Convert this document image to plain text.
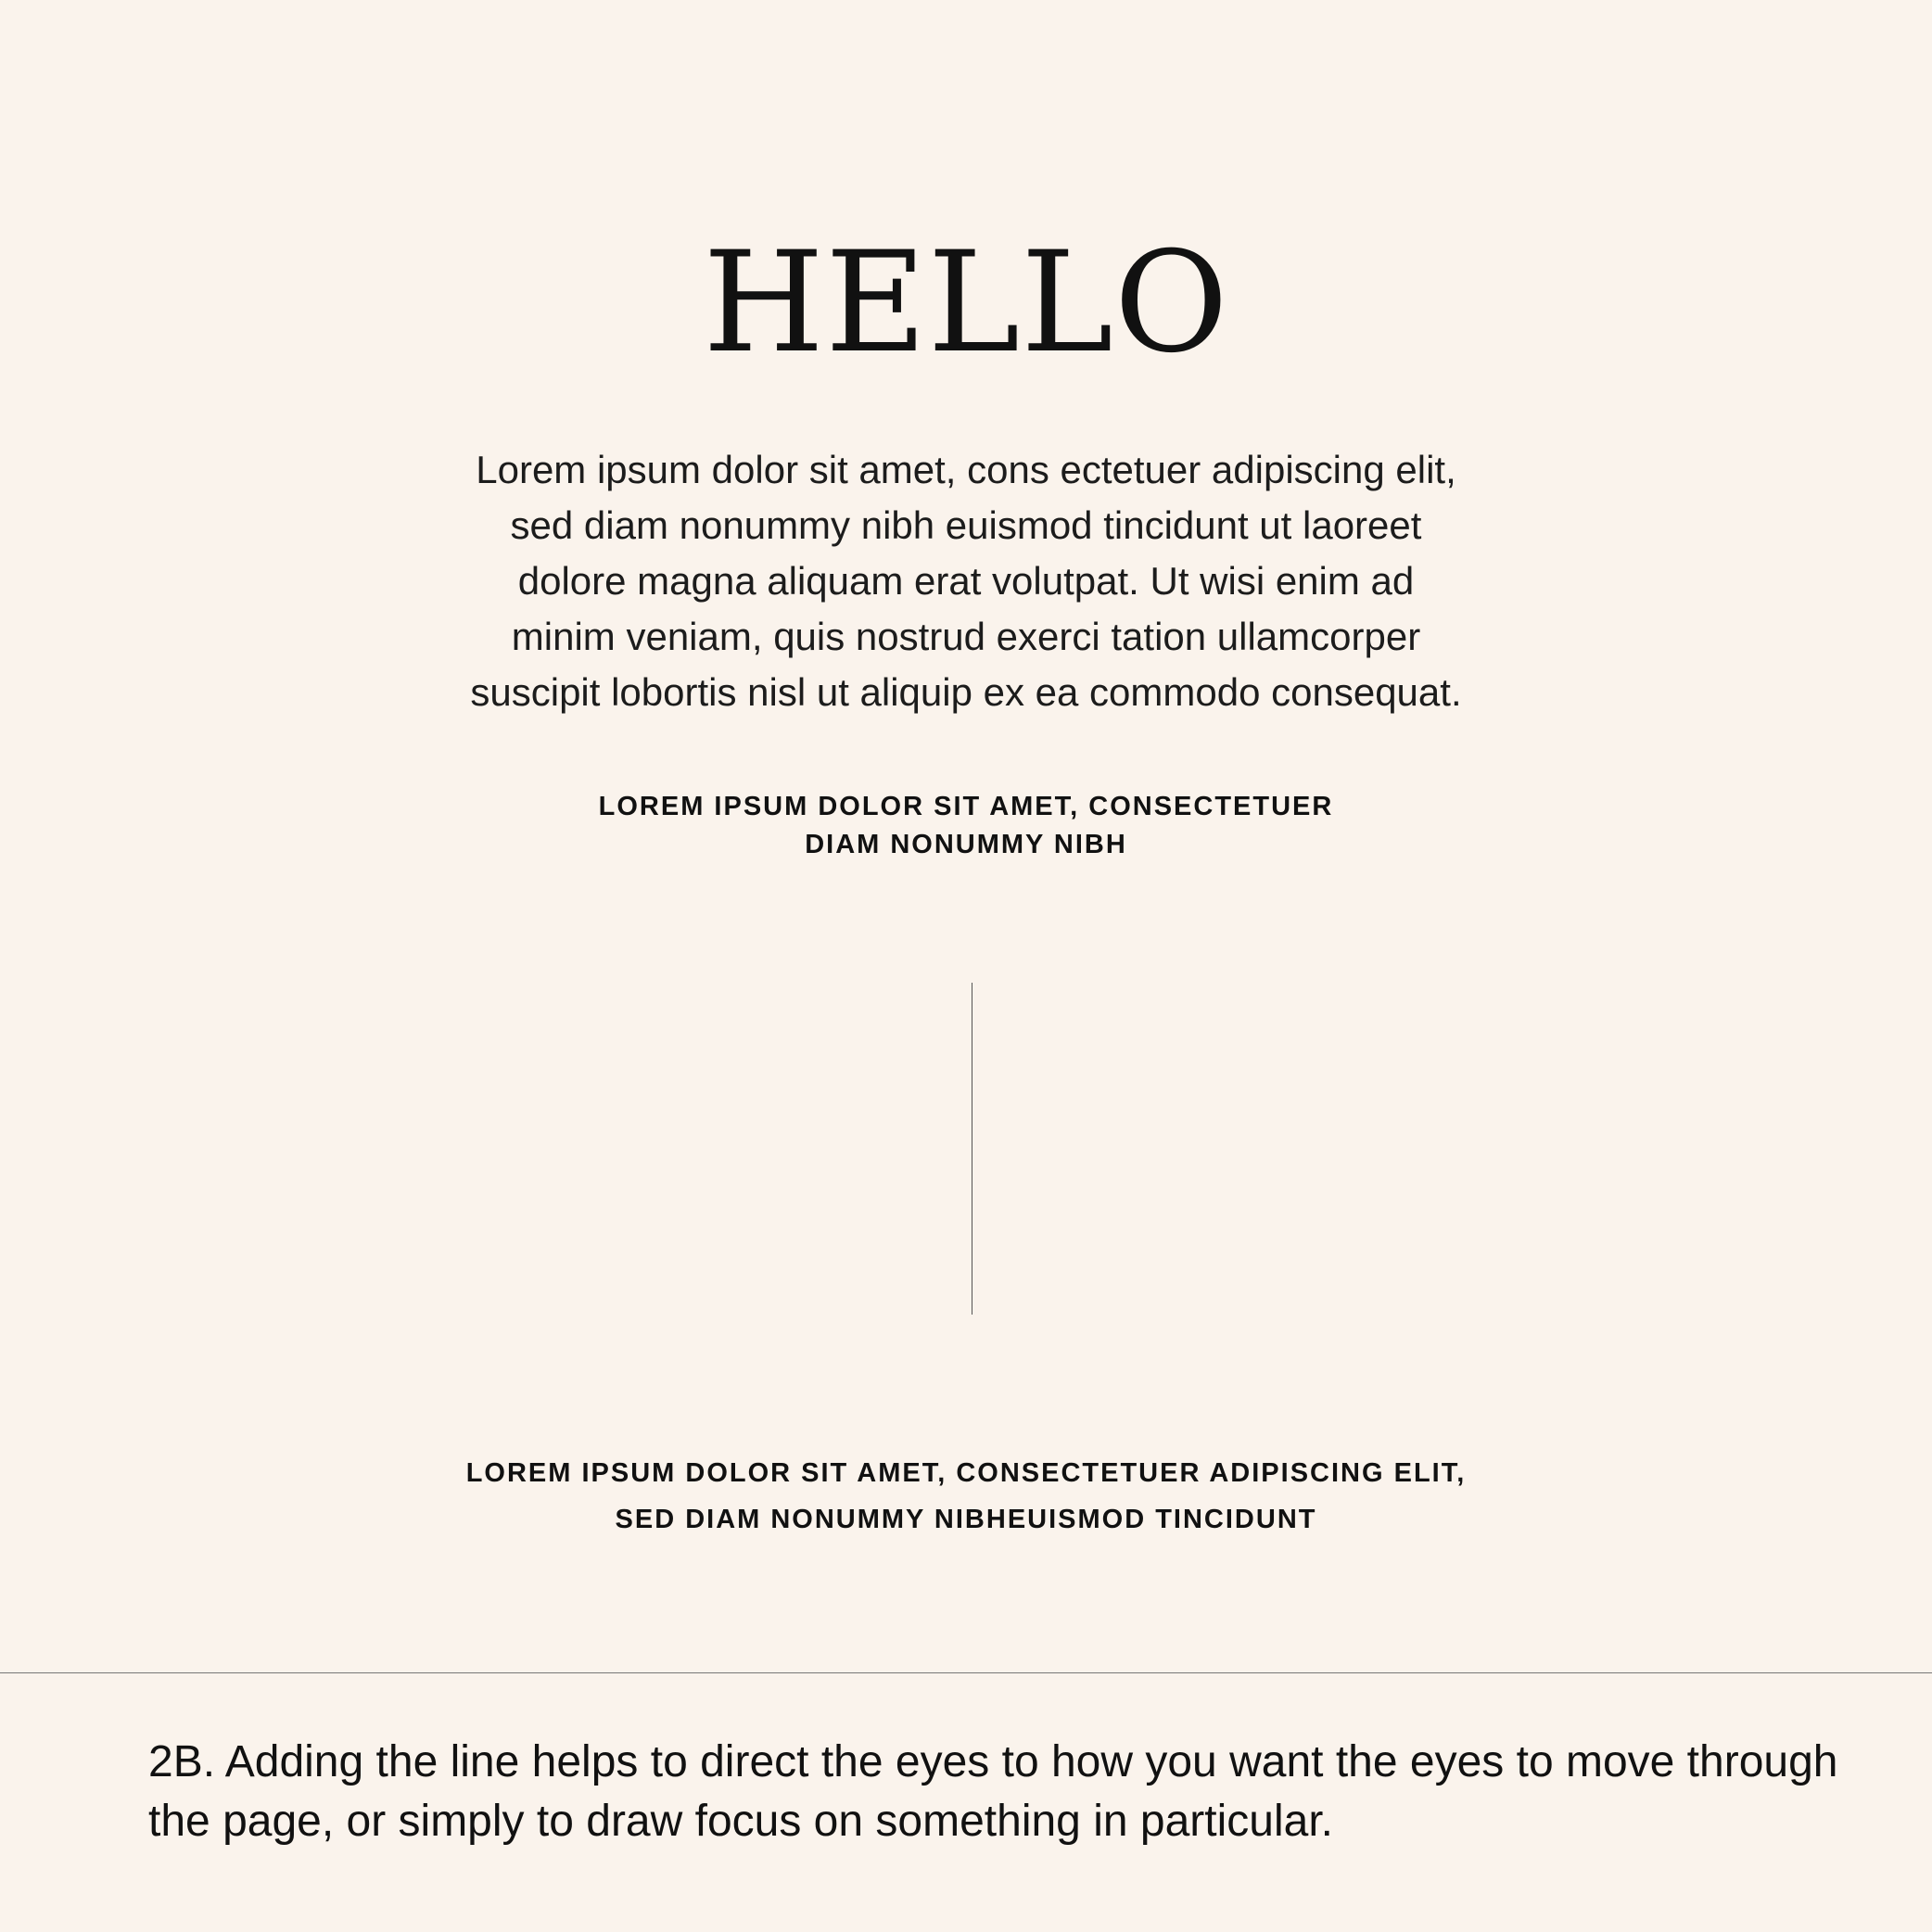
HELLO
Lorem ipsum dolor sit amet, cons ectetuer adipiscing elit,
sed diam nonummy nibh euismod tincidunt ut laoreet
dolore magna aliquam erat volutpat. Ut wisi enim ad
minim veniam, quis nostrud exerci tation ullamcorper
suscipit lobortis nisl ut aliquip ex ea commodo consequat.
LOREM IPSUM DOLOR SIT AMET, CONSECTETUER
DIAM NONUMMY NIBH
LOREM IPSUM DOLOR SIT AMET, CONSECTETUER ADIPISCING ELIT,
SED DIAM NONUMMY NIBHEUISMOD TINCIDUNT
2B. Adding the line helps to direct the eyes to how you want the eyes to move through the page, or simply to draw focus on something in particular.
